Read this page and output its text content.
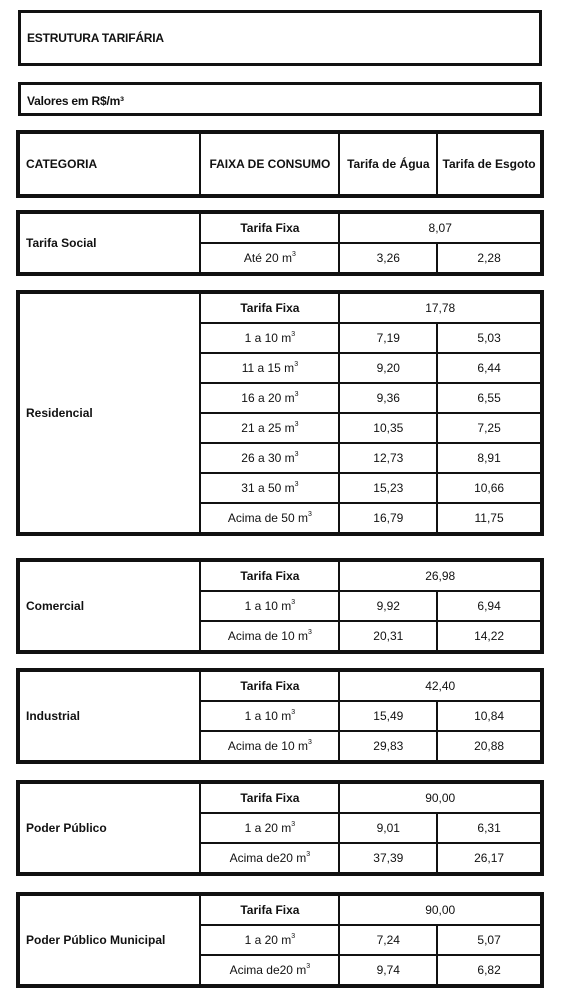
ESTRUTURA TARIFÁRIA
Valores em R$/m³
CATEGORIA	FAIXA DE CONSUMO	Tarifa de Água	Tarifa de Esgoto
Tarifa Social	Tarifa Fixa	8,07	
	Até 20 $m^3$	3,26	2,28
Residencial	Tarifa Fixa	17,78	
	1 a 10 $m^3$	7,19	5,03
	11 a 15 $m^3$	9,20	6,44
	16 a 20 $m^3$	9,36	6,55
	21 a 25 $m^3$	10,35	7,25
	26 a 30 $m^3$	12,73	8,91
	31 a 50 $m^3$	15,23	10,66
	Acima de 50 $m^3$	16,79	11,75
Comercial	Tarifa Fixa	26,98	
	1 a 10 $m^3$	9,92	6,94
	Acima de 10 $m^3$	20,31	14,22
Industrial	Tarifa Fixa	42,40	
	1 a 10 $m^3$	15,49	10,84
	Acima de 10 $m^3$	29,83	20,88
Poder Público	Tarifa Fixa	90,00	
	1 a 20 $m^3$	9,01	6,31
	Acima de20 $m^3$	37,39	26,17
Poder Público Municipal	Tarifa Fixa	90,00	
	1 a 20 $m^3$	7,24	5,07
	Acima de20 $m^3$	9,74	6,82
